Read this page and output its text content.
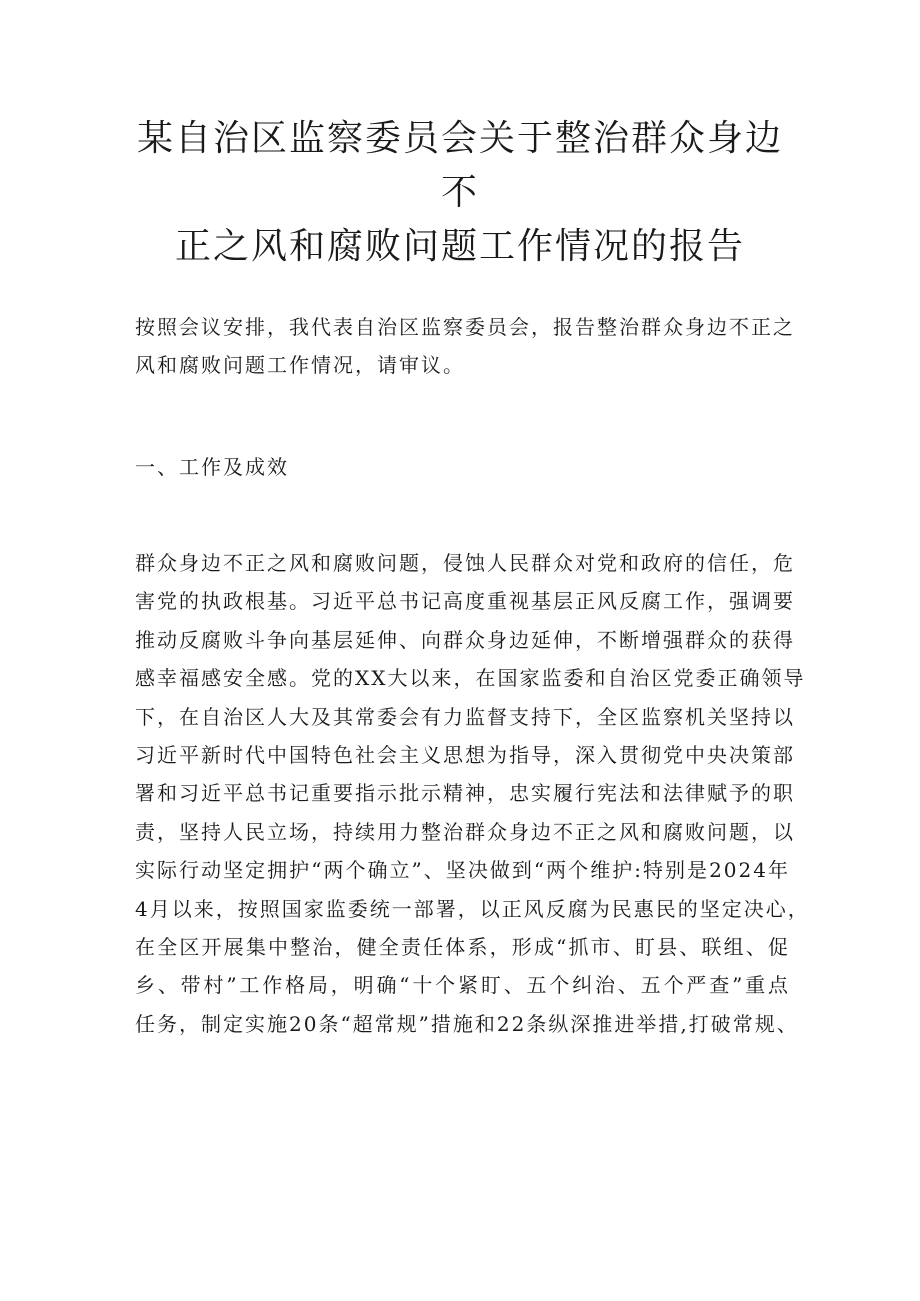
某自治区监察委员会关于整治群众身边不
正之风和腐败问题工作情况的报告

按照会议安排，我代表自治区监察委员会，报告整治群众身边不正之
风和腐败问题工作情况，请审议。

一、工作及成效

群众身边不正之风和腐败问题，侵蚀人民群众对党和政府的信任，危
害党的执政根基。习近平总书记高度重视基层正风反腐工作，强调要
推动反腐败斗争向基层延伸、向群众身边延伸，不断增强群众的获得
感幸福感安全感。党的XX大以来，在国家监委和自治区党委正确领导
下，在自治区人大及其常委会有力监督支持下，全区监察机关坚持以
习近平新时代中国特色社会主义思想为指导，深入贯彻党中央决策部
署和习近平总书记重要指示批示精神，忠实履行宪法和法律赋予的职
责，坚持人民立场，持续用力整治群众身边不正之风和腐败问题，以
实际行动坚定拥护“两个确立”、坚决做到“两个维护:特别是2024年
4月以来，按照国家监委统一部署，以正风反腐为民惠民的坚定决心，
在全区开展集中整治，健全责任体系，形成“抓市、盯县、联组、促
乡、带村”工作格局，明确“十个紧盯、五个纠治、五个严查”重点
任务，制定实施20条“超常规”措施和22条纵深推进举措,打破常规、
